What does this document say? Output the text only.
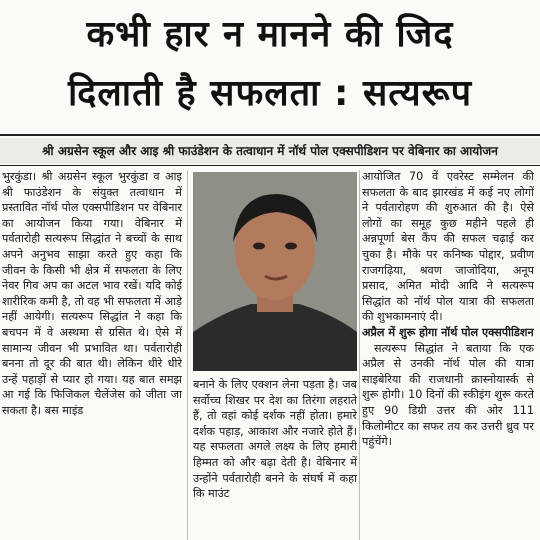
कभी हार न मानने की जिद
दिलाती है सफलता : सत्यरूप
श्री अग्रसेन स्कूल और आइ श्री फाउंडेशन के तत्वाधान में नॉर्थ पोल एक्सपीडिशन पर वेबिनार का आयोजन

भुरकुंडा। श्री अग्रसेन स्कूल भुरकुंडा व आइ श्री फाउंडेशन के संयुक्त तत्वाधान में प्रस्तावित नॉर्थ पोल एक्सपीडिशन पर वेबिनार का आयोजन किया गया। वेबिनार में पर्वतारोही सत्यरूप सिद्धांत ने बच्चों के साथ अपने अनुभव साझा करते हुए कहा कि जीवन के किसी भी क्षेत्र में सफलता के लिए नेवर गिव अप का अटल भाव रखें। यदि कोई शारीरिक कमी है, तो वह भी सफलता में आड़े नहीं आयेगी। सत्यरूप सिद्धांत ने कहा कि बचपन में वे अस्थमा से ग्रसित थे। ऐसे में सामान्य जीवन भी प्रभावित था। पर्वतारोही बनना तो दूर की बात थी। लेकिन धीरे धीरे उन्हें पहाड़ों से प्यार हो गया। यह बात समझ आ गई कि फिजिकल चैलेंजेस को जीता जा सकता है। बस माइंड

बनाने के लिए एक्शन लेना पड़ता है। जब सर्वोच्च शिखर पर देश का तिरंगा लहराते हैं, तो वहां कोई दर्शक नहीं होता। हमारे दर्शक पहाड़, आकाश और नजारे होते हैं। यह सफलता अगले लक्ष्य के लिए हमारी हिम्मत को और बढ़ा देती है। वेबिनार में उन्होंने पर्वतारोही बनने के संघर्ष में कहा कि माउंट

आयोजित 70 वें एवरेस्ट सम्मेलन की सफलता के बाद झारखंड में कई नए लोगों ने पर्वतारोहण की शुरुआत की है। ऐसे लोगों का समूह कुछ महीने पहले ही अन्नपूर्णा बेस कैंप की सफल चढ़ाई कर चुका है। मौके पर कनिष्क पोद्दार, प्रवीण राजगढ़िया, श्रवण जाजोदिया, अनूप प्रसाद, अमित मोदी आदि ने सत्यरूप सिद्धांत को नॉर्थ पोल यात्रा की सफलता की शुभकामनाएं दी।

अप्रैल में शुरू होगा नॉर्थ पोल एक्सपीडिशन

सत्यरूप सिद्धांत ने बताया कि एक अप्रैल से उनकी नॉर्थ पोल की यात्रा साइबेरिया की राजधानी क्रास्नोयार्स्क से शुरू होगी। 10 दिनों की स्कीइंग शुरू करते हुए 90 डिग्री उत्तर की ओर 111 किलोमीटर का सफर तय कर उत्तरी ध्रुव पर पहुंचेंगे।
